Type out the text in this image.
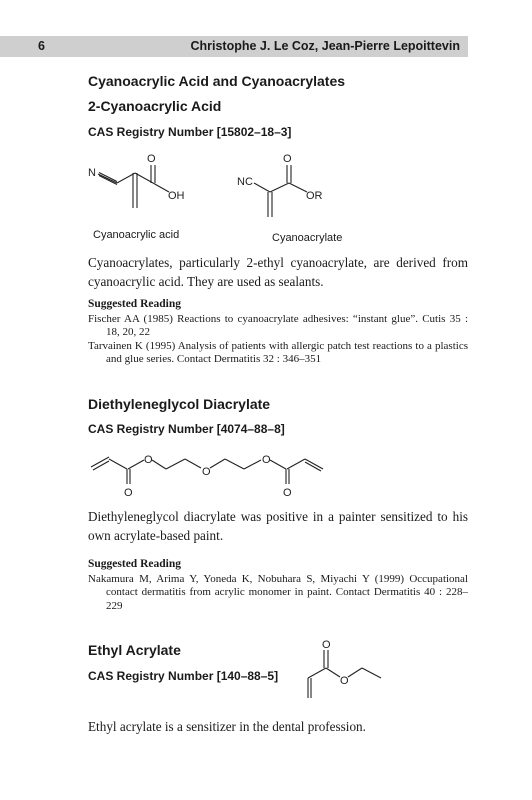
6	Christophe J. Le Coz, Jean-Pierre Lepoittevin
Cyanoacrylic Acid and Cyanoacrylates
2-Cyanoacrylic Acid
CAS Registry Number [15802–18–3]
O
N
OH
O
NC
OR
Cyanoacrylic acid	Cyanoacrylate

Cyanoacrylates, particularly 2-ethyl cyanoacrylate, are derived from cyanoacrylic acid. They are used as sealants.

Suggested Reading
Fischer AA (1985) Reactions to cyanoacrylate adhesives: “instant glue”. Cutis 35 : 18, 20, 22
Tarvainen K (1995) Analysis of patients with allergic patch test reactions to a plastics and glue series. Contact Dermatitis 32 : 346–351
Diethyleneglycol Diacrylate
CAS Registry Number [4074–88–8]
O
O
O
O
O

Diethyleneglycol diacrylate was positive in a painter sensitized to his own acrylate-based paint.

Suggested Reading
Nakamura M, Arima Y, Yoneda K, Nobuhara S, Miyachi Y (1999) Occupational contact dermatitis from acrylic monomer in paint. Contact Dermatitis 40 : 228–229
Ethyl Acrylate
CAS Registry Number [140–88–5]
O
O

Ethyl acrylate is a sensitizer in the dental profession.
